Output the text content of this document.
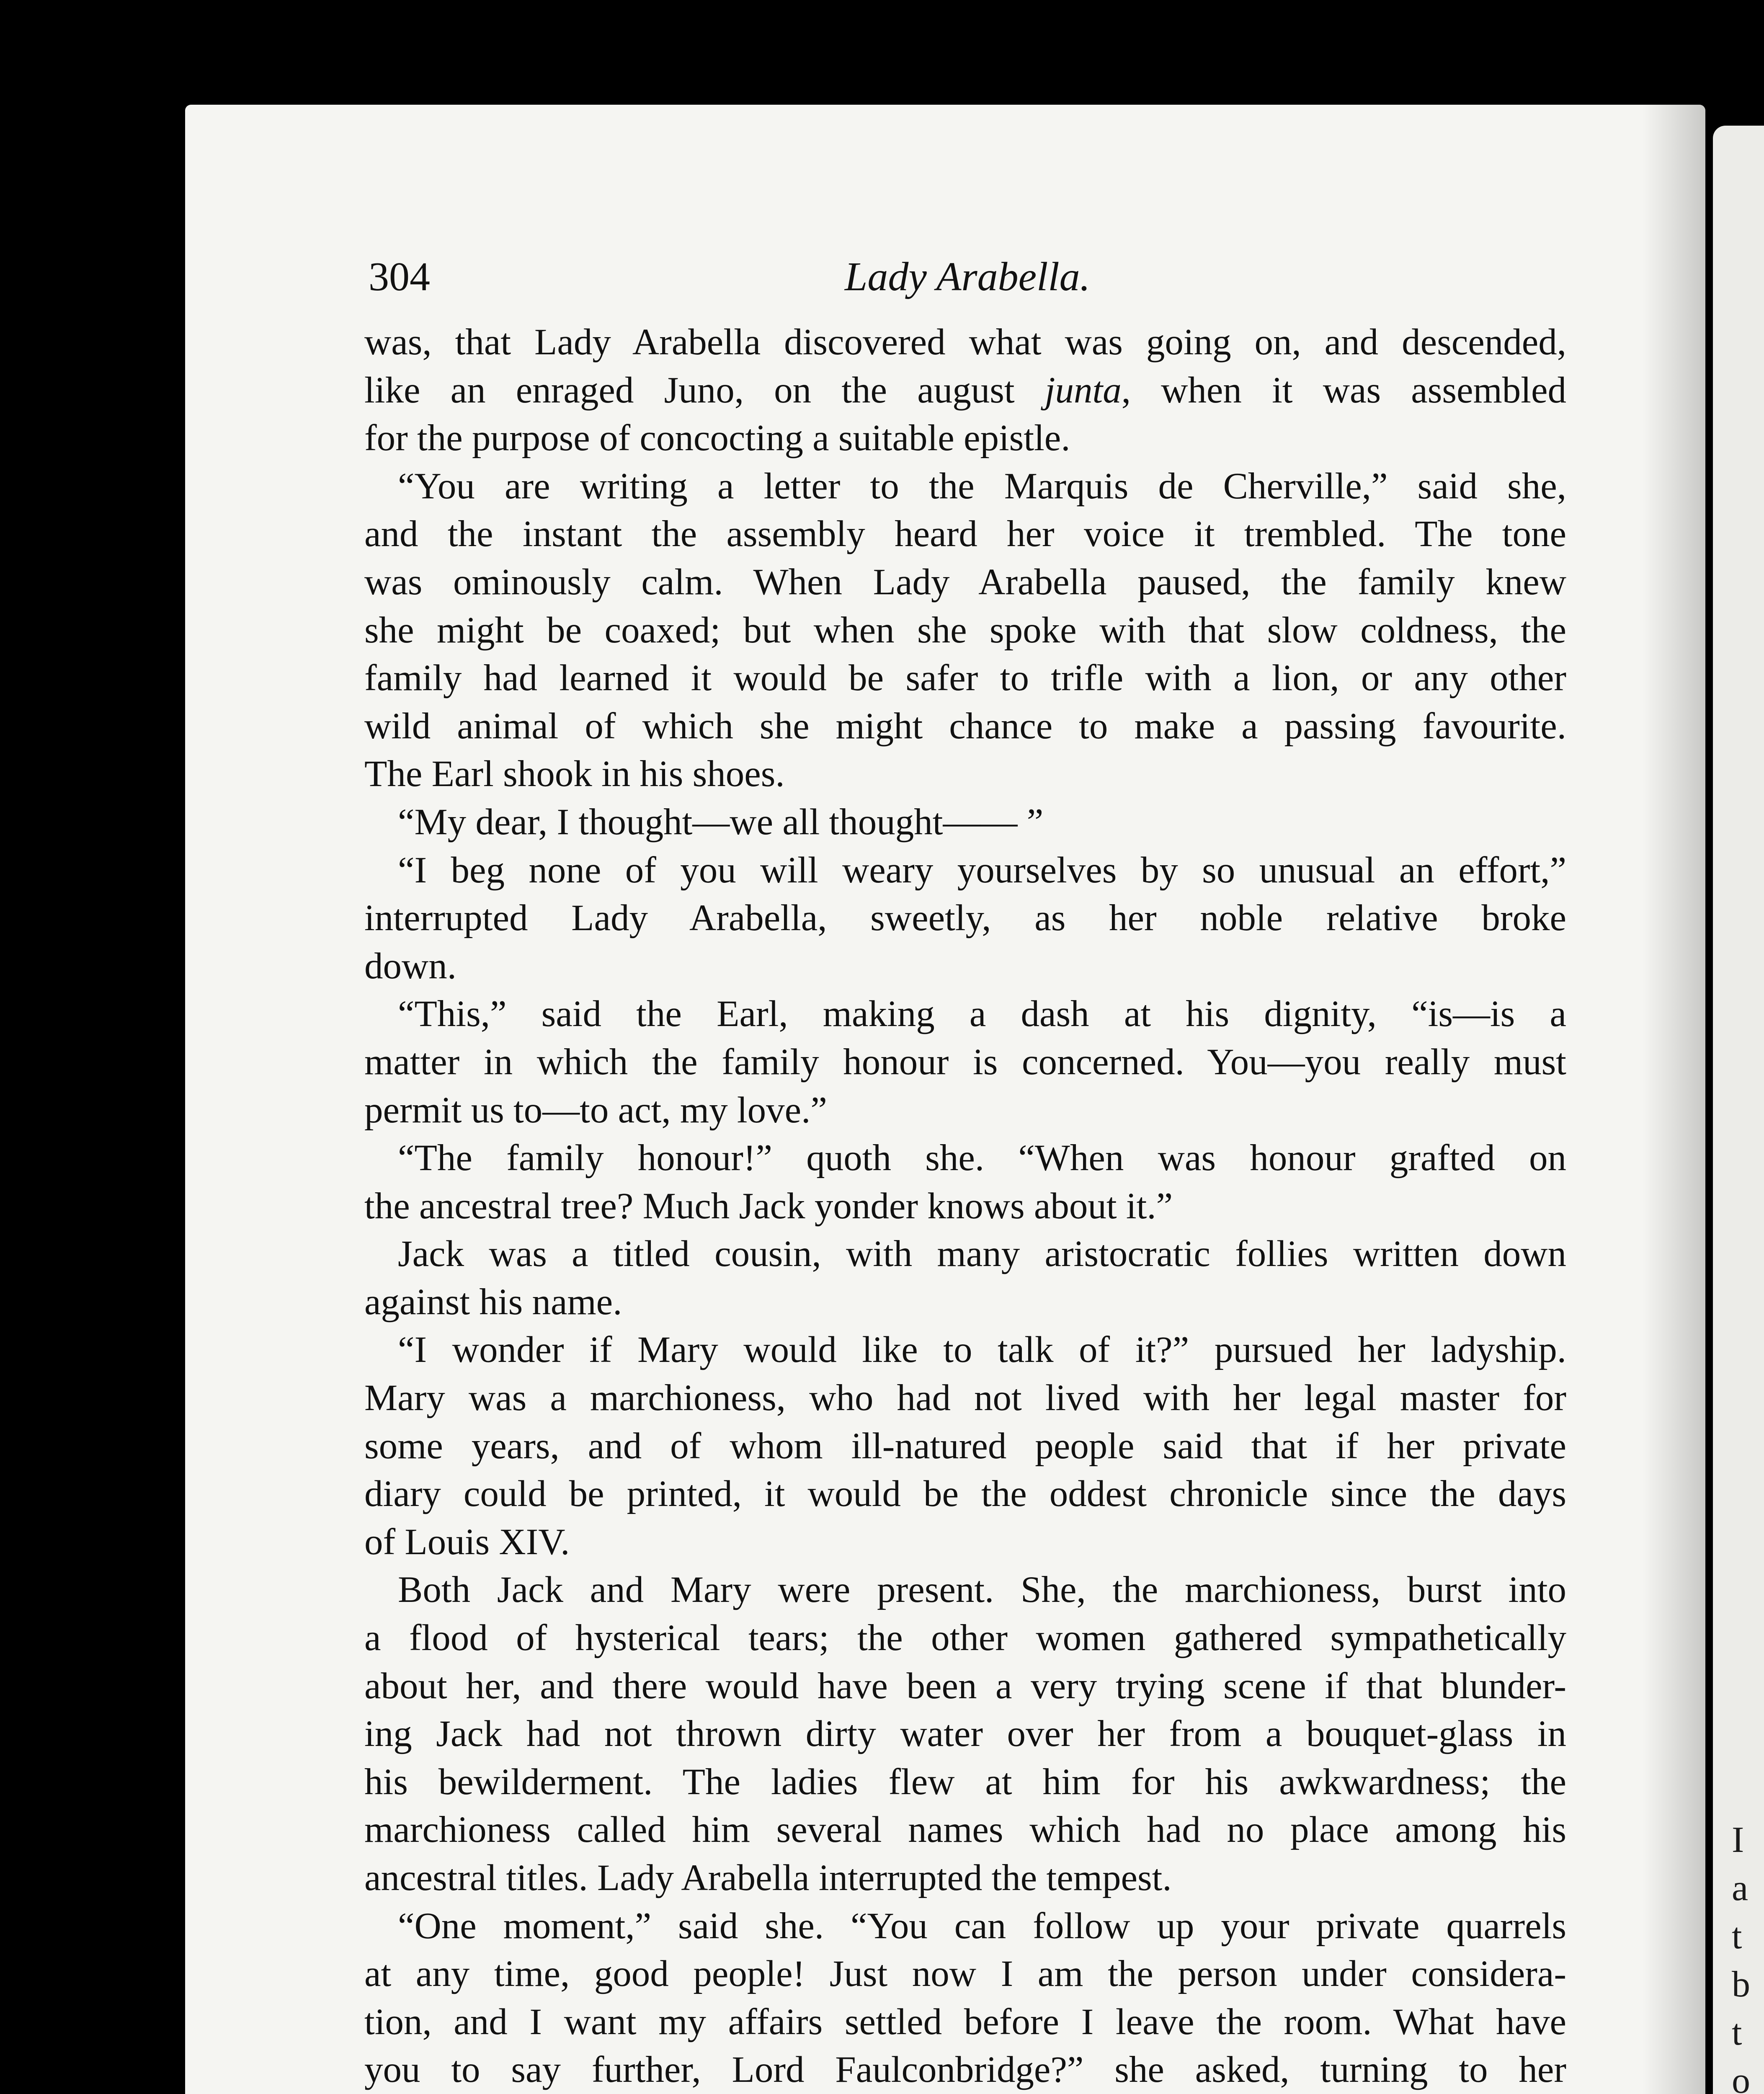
I
a
t
b
t
o
304	Lady Arabella.
was, that Lady Arabella discovered what was going on, and descended,
like an enraged Juno, on the august junta, when it was assembled
for the purpose of concocting a suitable epistle.
“You are writing a letter to the Marquis de Cherville,” said she,
and the instant the assembly heard her voice it trembled. The tone
was ominously calm. When Lady Arabella paused, the family knew
she might be coaxed; but when she spoke with that slow coldness, the
family had learned it would be safer to trifle with a lion, or any other
wild animal of which she might chance to make a passing favourite.
The Earl shook in his shoes.
“My dear, I thought—we all thought—— ”
“I beg none of you will weary yourselves by so unusual an effort,”
interrupted Lady Arabella, sweetly, as her noble relative broke
down.
“This,” said the Earl, making a dash at his dignity, “is—is a
matter in which the family honour is concerned. You—you really must
permit us to—to act, my love.”
“The family honour!” quoth she. “When was honour grafted on
the ancestral tree? Much Jack yonder knows about it.”
Jack was a titled cousin, with many aristocratic follies written down
against his name.
“I wonder if Mary would like to talk of it?” pursued her ladyship.
Mary was a marchioness, who had not lived with her legal master for
some years, and of whom ill-natured people said that if her private
diary could be printed, it would be the oddest chronicle since the days
of Louis XIV.
Both Jack and Mary were present. She, the marchioness, burst into
a flood of hysterical tears; the other women gathered sympathetically
about her, and there would have been a very trying scene if that blunder-
ing Jack had not thrown dirty water over her from a bouquet-glass in
his bewilderment. The ladies flew at him for his awkwardness; the
marchioness called him several names which had no place among his
ancestral titles. Lady Arabella interrupted the tempest.
“One moment,” said she. “You can follow up your private quarrels
at any time, good people! Just now I am the person under considera-
tion, and I want my affairs settled before I leave the room. What have
you to say further, Lord Faulconbridge?” she asked, turning to her
